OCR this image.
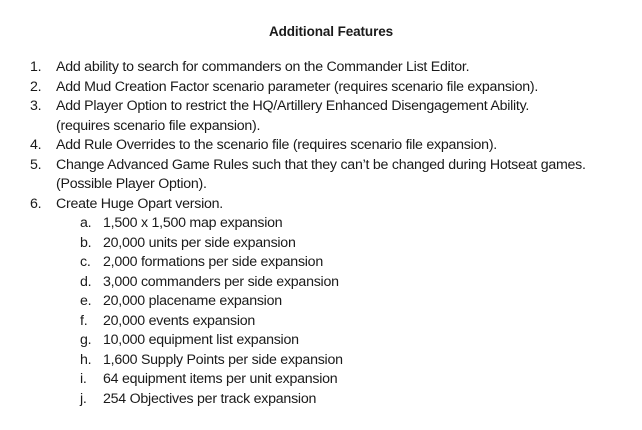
Additional Features
1. Add ability to search for commanders on the Commander List Editor.
2. Add Mud Creation Factor scenario parameter (requires scenario file expansion).
3. Add Player Option to restrict the HQ/Artillery Enhanced Disengagement Ability.
(requires scenario file expansion).
4. Add Rule Overrides to the scenario file (requires scenario file expansion).
5. Change Advanced Game Rules such that they can’t be changed during Hotseat games.
(Possible Player Option).
6. Create Huge Opart version.
a. 1,500 x 1,500 map expansion
b. 20,000 units per side expansion
c. 2,000 formations per side expansion
d. 3,000 commanders per side expansion
e. 20,000 placename expansion
f. 20,000 events expansion
g. 10,000 equipment list expansion
h. 1,600 Supply Points per side expansion
i. 64 equipment items per unit expansion
j. 254 Objectives per track expansion
